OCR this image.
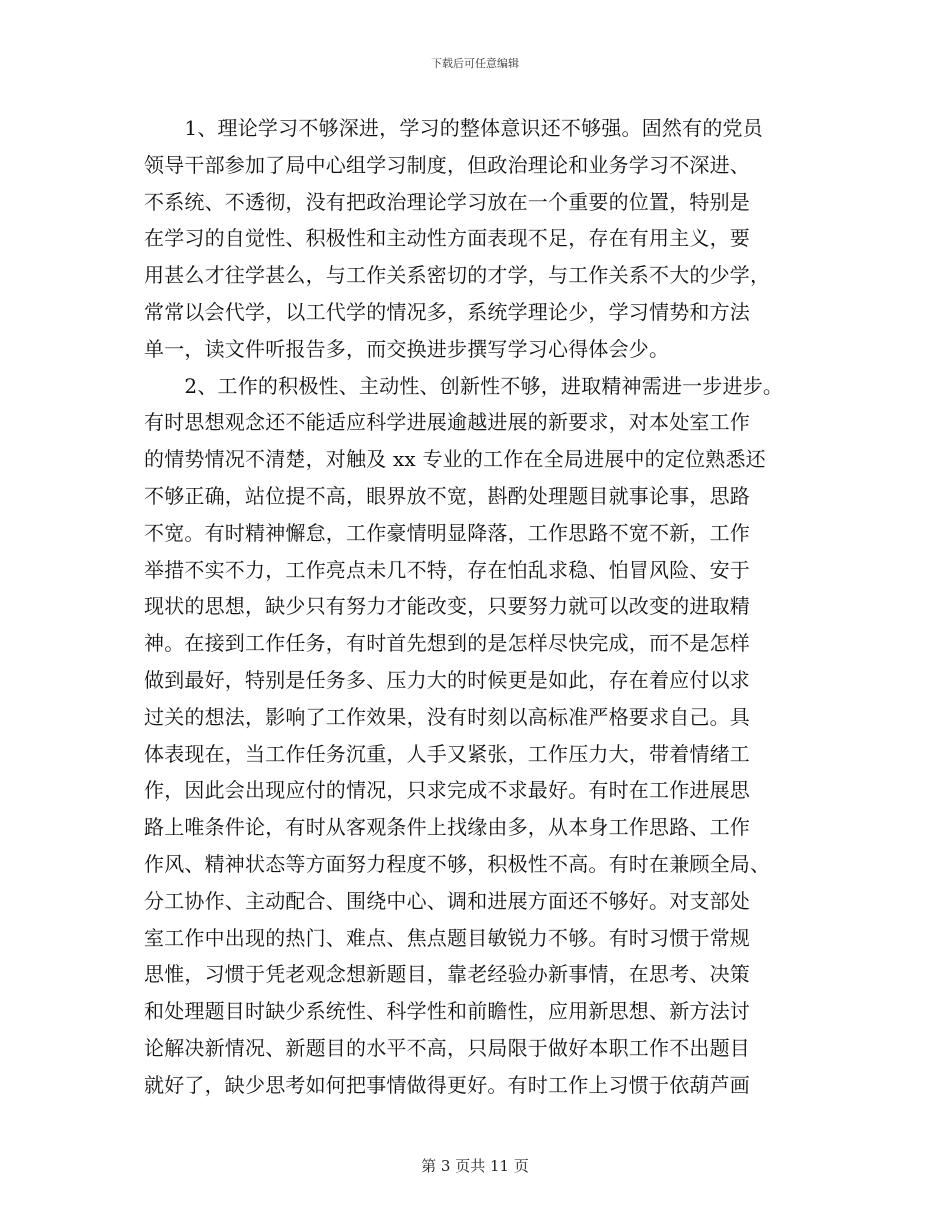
下载后可任意编辑
　　1、理论学习不够深进，学习的整体意识还不够强。固然有的党员
领导干部参加了局中心组学习制度，但政治理论和业务学习不深进、
不系统、不透彻，没有把政治理论学习放在一个重要的位置，特别是
在学习的自觉性、积极性和主动性方面表现不足，存在有用主义，要
用甚么才往学甚么，与工作关系密切的才学，与工作关系不大的少学，
常常以会代学，以工代学的情况多，系统学理论少，学习情势和方法
单一，读文件听报告多，而交换进步撰写学习心得体会少。
　　2、工作的积极性、主动性、创新性不够，进取精神需进一步进步。
有时思想观念还不能适应科学进展逾越进展的新要求，对本处室工作
的情势情况不清楚，对触及 xx 专业的工作在全局进展中的定位熟悉还
不够正确，站位提不高，眼界放不宽，斟酌处理题目就事论事，思路
不宽。有时精神懈怠，工作豪情明显降落，工作思路不宽不新，工作
举措不实不力，工作亮点未几不特，存在怕乱求稳、怕冒风险、安于
现状的思想，缺少只有努力才能改变，只要努力就可以改变的进取精
神。在接到工作任务，有时首先想到的是怎样尽快完成，而不是怎样
做到最好，特别是任务多、压力大的时候更是如此，存在着应付以求
过关的想法，影响了工作效果，没有时刻以高标准严格要求自己。具
体表现在，当工作任务沉重，人手又紧张，工作压力大，带着情绪工
作，因此会出现应付的情况，只求完成不求最好。有时在工作进展思
路上唯条件论，有时从客观条件上找缘由多，从本身工作思路、工作
作风、精神状态等方面努力程度不够，积极性不高。有时在兼顾全局、
分工协作、主动配合、围绕中心、调和进展方面还不够好。对支部处
室工作中出现的热门、难点、焦点题目敏锐力不够。有时习惯于常规
思惟，习惯于凭老观念想新题目，靠老经验办新事情，在思考、决策
和处理题目时缺少系统性、科学性和前瞻性，应用新思想、新方法讨
论解决新情况、新题目的水平不高，只局限于做好本职工作不出题目
就好了，缺少思考如何把事情做得更好。有时工作上习惯于依葫芦画
第 3 页共 11 页
